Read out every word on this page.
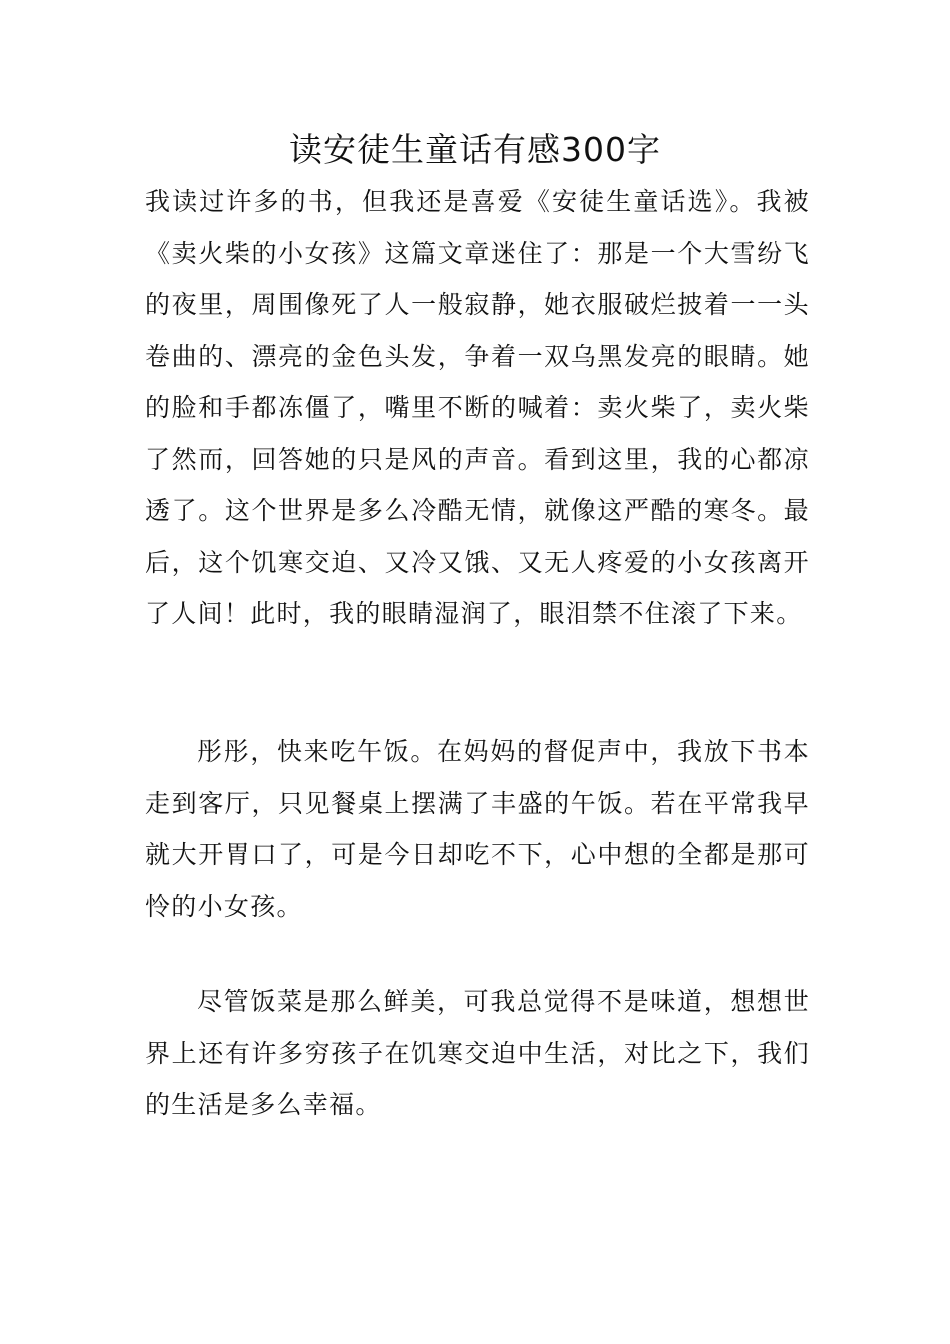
读安徒生童话有感300字

我读过许多的书，但我还是喜爱《安徒生童话选》。我被《卖火柴的小女孩》这篇文章迷住了：那是一个大雪纷飞的夜里，周围像死了人一般寂静，她衣服破烂披着一一头卷曲的、漂亮的金色头发，争着一双乌黑发亮的眼睛。她的脸和手都冻僵了，嘴里不断的喊着：卖火柴了，卖火柴了然而，回答她的只是风的声音。看到这里，我的心都凉透了。这个世界是多么冷酷无情，就像这严酷的寒冬。最后，这个饥寒交迫、又冷又饿、又无人疼爱的小女孩离开了人间！此时，我的眼睛湿润了，眼泪禁不住滚了下来。

彤彤，快来吃午饭。在妈妈的督促声中，我放下书本走到客厅，只见餐桌上摆满了丰盛的午饭。若在平常我早就大开胃口了，可是今日却吃不下，心中想的全都是那可怜的小女孩。

尽管饭菜是那么鲜美，可我总觉得不是味道，想想世界上还有许多穷孩子在饥寒交迫中生活，对比之下，我们的生活是多么幸福。
